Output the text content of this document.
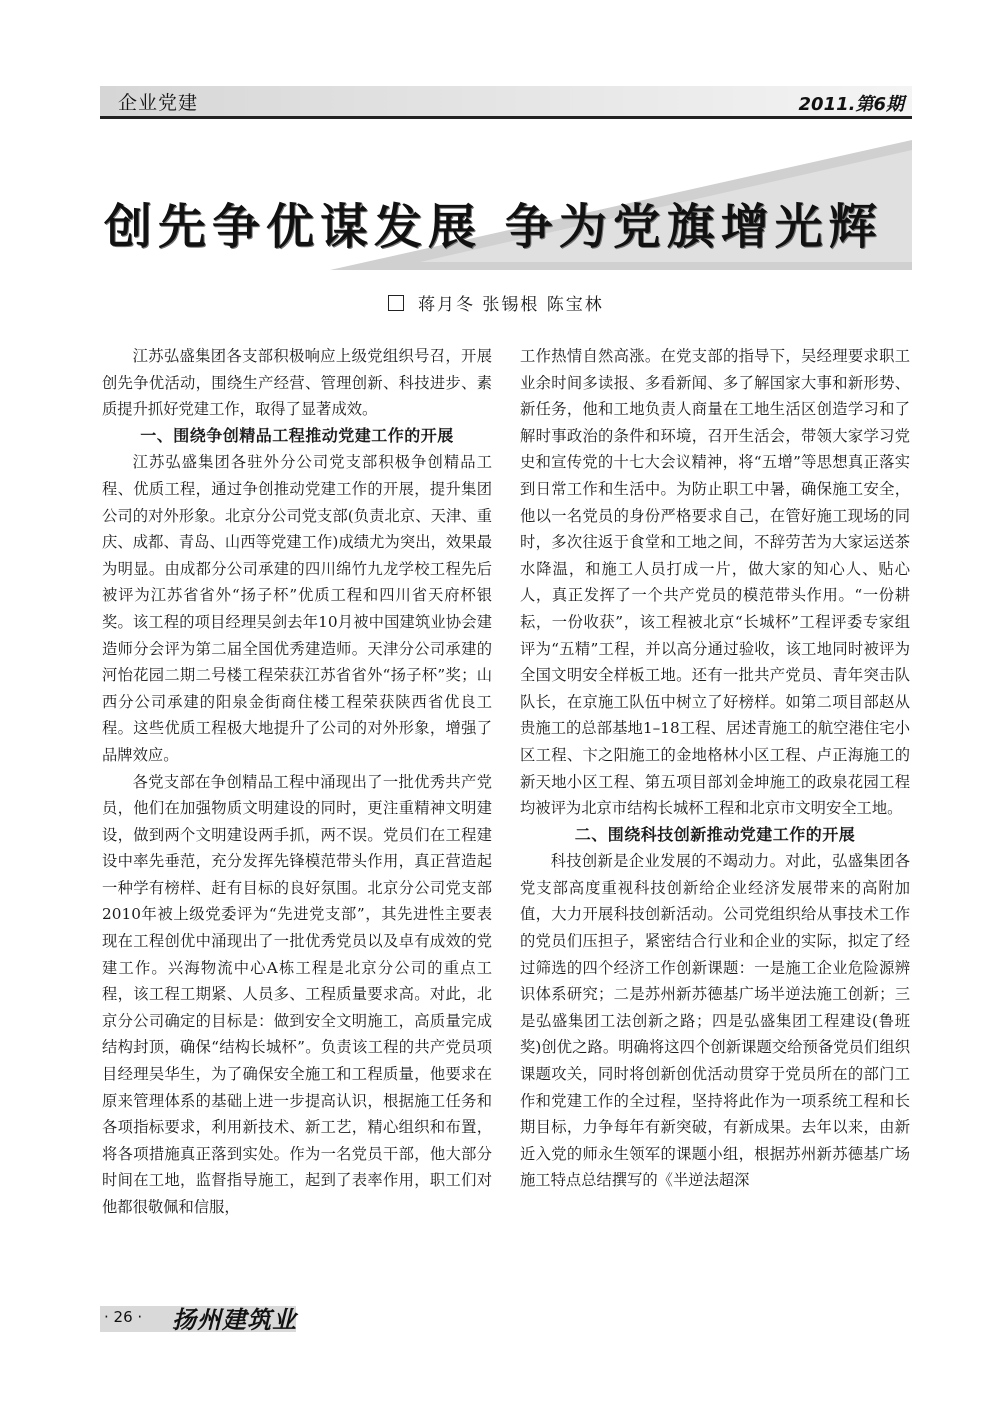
企业党建	2011.第6期
创先争优谋发展 争为党旗增光辉
蒋月冬 张锡根 陈宝林

江苏弘盛集团各支部积极响应上级党组织号召，开展创先争优活动，围绕生产经营、管理创新、科技进步、素质提升抓好党建工作，取得了显著成效。

一、围绕争创精品工程推动党建工作的开展

江苏弘盛集团各驻外分公司党支部积极争创精品工程、优质工程，通过争创推动党建工作的开展，提升集团公司的对外形象。北京分公司党支部(负责北京、天津、重庆、成都、青岛、山西等党建工作)成绩尤为突出，效果最为明显。由成都分公司承建的四川绵竹九龙学校工程先后被评为江苏省省外“扬子杯”优质工程和四川省天府杯银奖。该工程的项目经理吴剑去年10月被中国建筑业协会建造师分会评为第二届全国优秀建造师。天津分公司承建的河怡花园二期二号楼工程荣获江苏省省外“扬子杯”奖；山西分公司承建的阳泉金街商住楼工程荣获陕西省优良工程。这些优质工程极大地提升了公司的对外形象，增强了品牌效应。

各党支部在争创精品工程中涌现出了一批优秀共产党员，他们在加强物质文明建设的同时，更注重精神文明建设，做到两个文明建设两手抓，两不误。党员们在工程建设中率先垂范，充分发挥先锋模范带头作用，真正营造起一种学有榜样、赶有目标的良好氛围。北京分公司党支部2010年被上级党委评为“先进党支部”，其先进性主要表现在工程创优中涌现出了一批优秀党员以及卓有成效的党建工作。兴海物流中心A栋工程是北京分公司的重点工程，该工程工期紧、人员多、工程质量要求高。对此，北京分公司确定的目标是：做到安全文明施工，高质量完成结构封顶，确保“结构长城杯”。负责该工程的共产党员项目经理吴华生，为了确保安全施工和工程质量，他要求在原来管理体系的基础上进一步提高认识，根据施工任务和各项指标要求，利用新技术、新工艺，精心组织和布置，将各项措施真正落到实处。作为一名党员干部，他大部分时间在工地，监督指导施工，起到了表率作用，职工们对他都很敬佩和信服，

工作热情自然高涨。在党支部的指导下，吴经理要求职工业余时间多读报、多看新闻、多了解国家大事和新形势、新任务，他和工地负责人商量在工地生活区创造学习和了解时事政治的条件和环境，召开生活会，带领大家学习党史和宣传党的十七大会议精神，将“五增”等思想真正落实到日常工作和生活中。为防止职工中暑，确保施工安全，他以一名党员的身份严格要求自己，在管好施工现场的同时，多次往返于食堂和工地之间，不辞劳苦为大家运送茶水降温，和施工人员打成一片，做大家的知心人、贴心人，真正发挥了一个共产党员的模范带头作用。“一份耕耘，一份收获”，该工程被北京“长城杯”工程评委专家组评为“五精”工程，并以高分通过验收，该工地同时被评为全国文明安全样板工地。还有一批共产党员、青年突击队队长，在京施工队伍中树立了好榜样。如第二项目部赵从贵施工的总部基地1–18工程、居述青施工的航空港住宅小区工程、卞之阳施工的金地格林小区工程、卢正海施工的新天地小区工程、第五项目部刘金坤施工的政泉花园工程均被评为北京市结构长城杯工程和北京市文明安全工地。

二、围绕科技创新推动党建工作的开展

科技创新是企业发展的不竭动力。对此，弘盛集团各党支部高度重视科技创新给企业经济发展带来的高附加值，大力开展科技创新活动。公司党组织给从事技术工作的党员们压担子，紧密结合行业和企业的实际，拟定了经过筛选的四个经济工作创新课题：一是施工企业危险源辨识体系研究；二是苏州新苏德基广场半逆法施工创新；三是弘盛集团工法创新之路；四是弘盛集团工程建设(鲁班奖)创优之路。明确将这四个创新课题交给预备党员们组织课题攻关，同时将创新创优活动贯穿于党员所在的部门工作和党建工作的全过程，坚持将此作为一项系统工程和长期目标，力争每年有新突破，有新成果。去年以来，由新近入党的师永生领军的课题小组，根据苏州新苏德基广场施工特点总结撰写的《半逆法超深

· 26 · 扬州建筑业
